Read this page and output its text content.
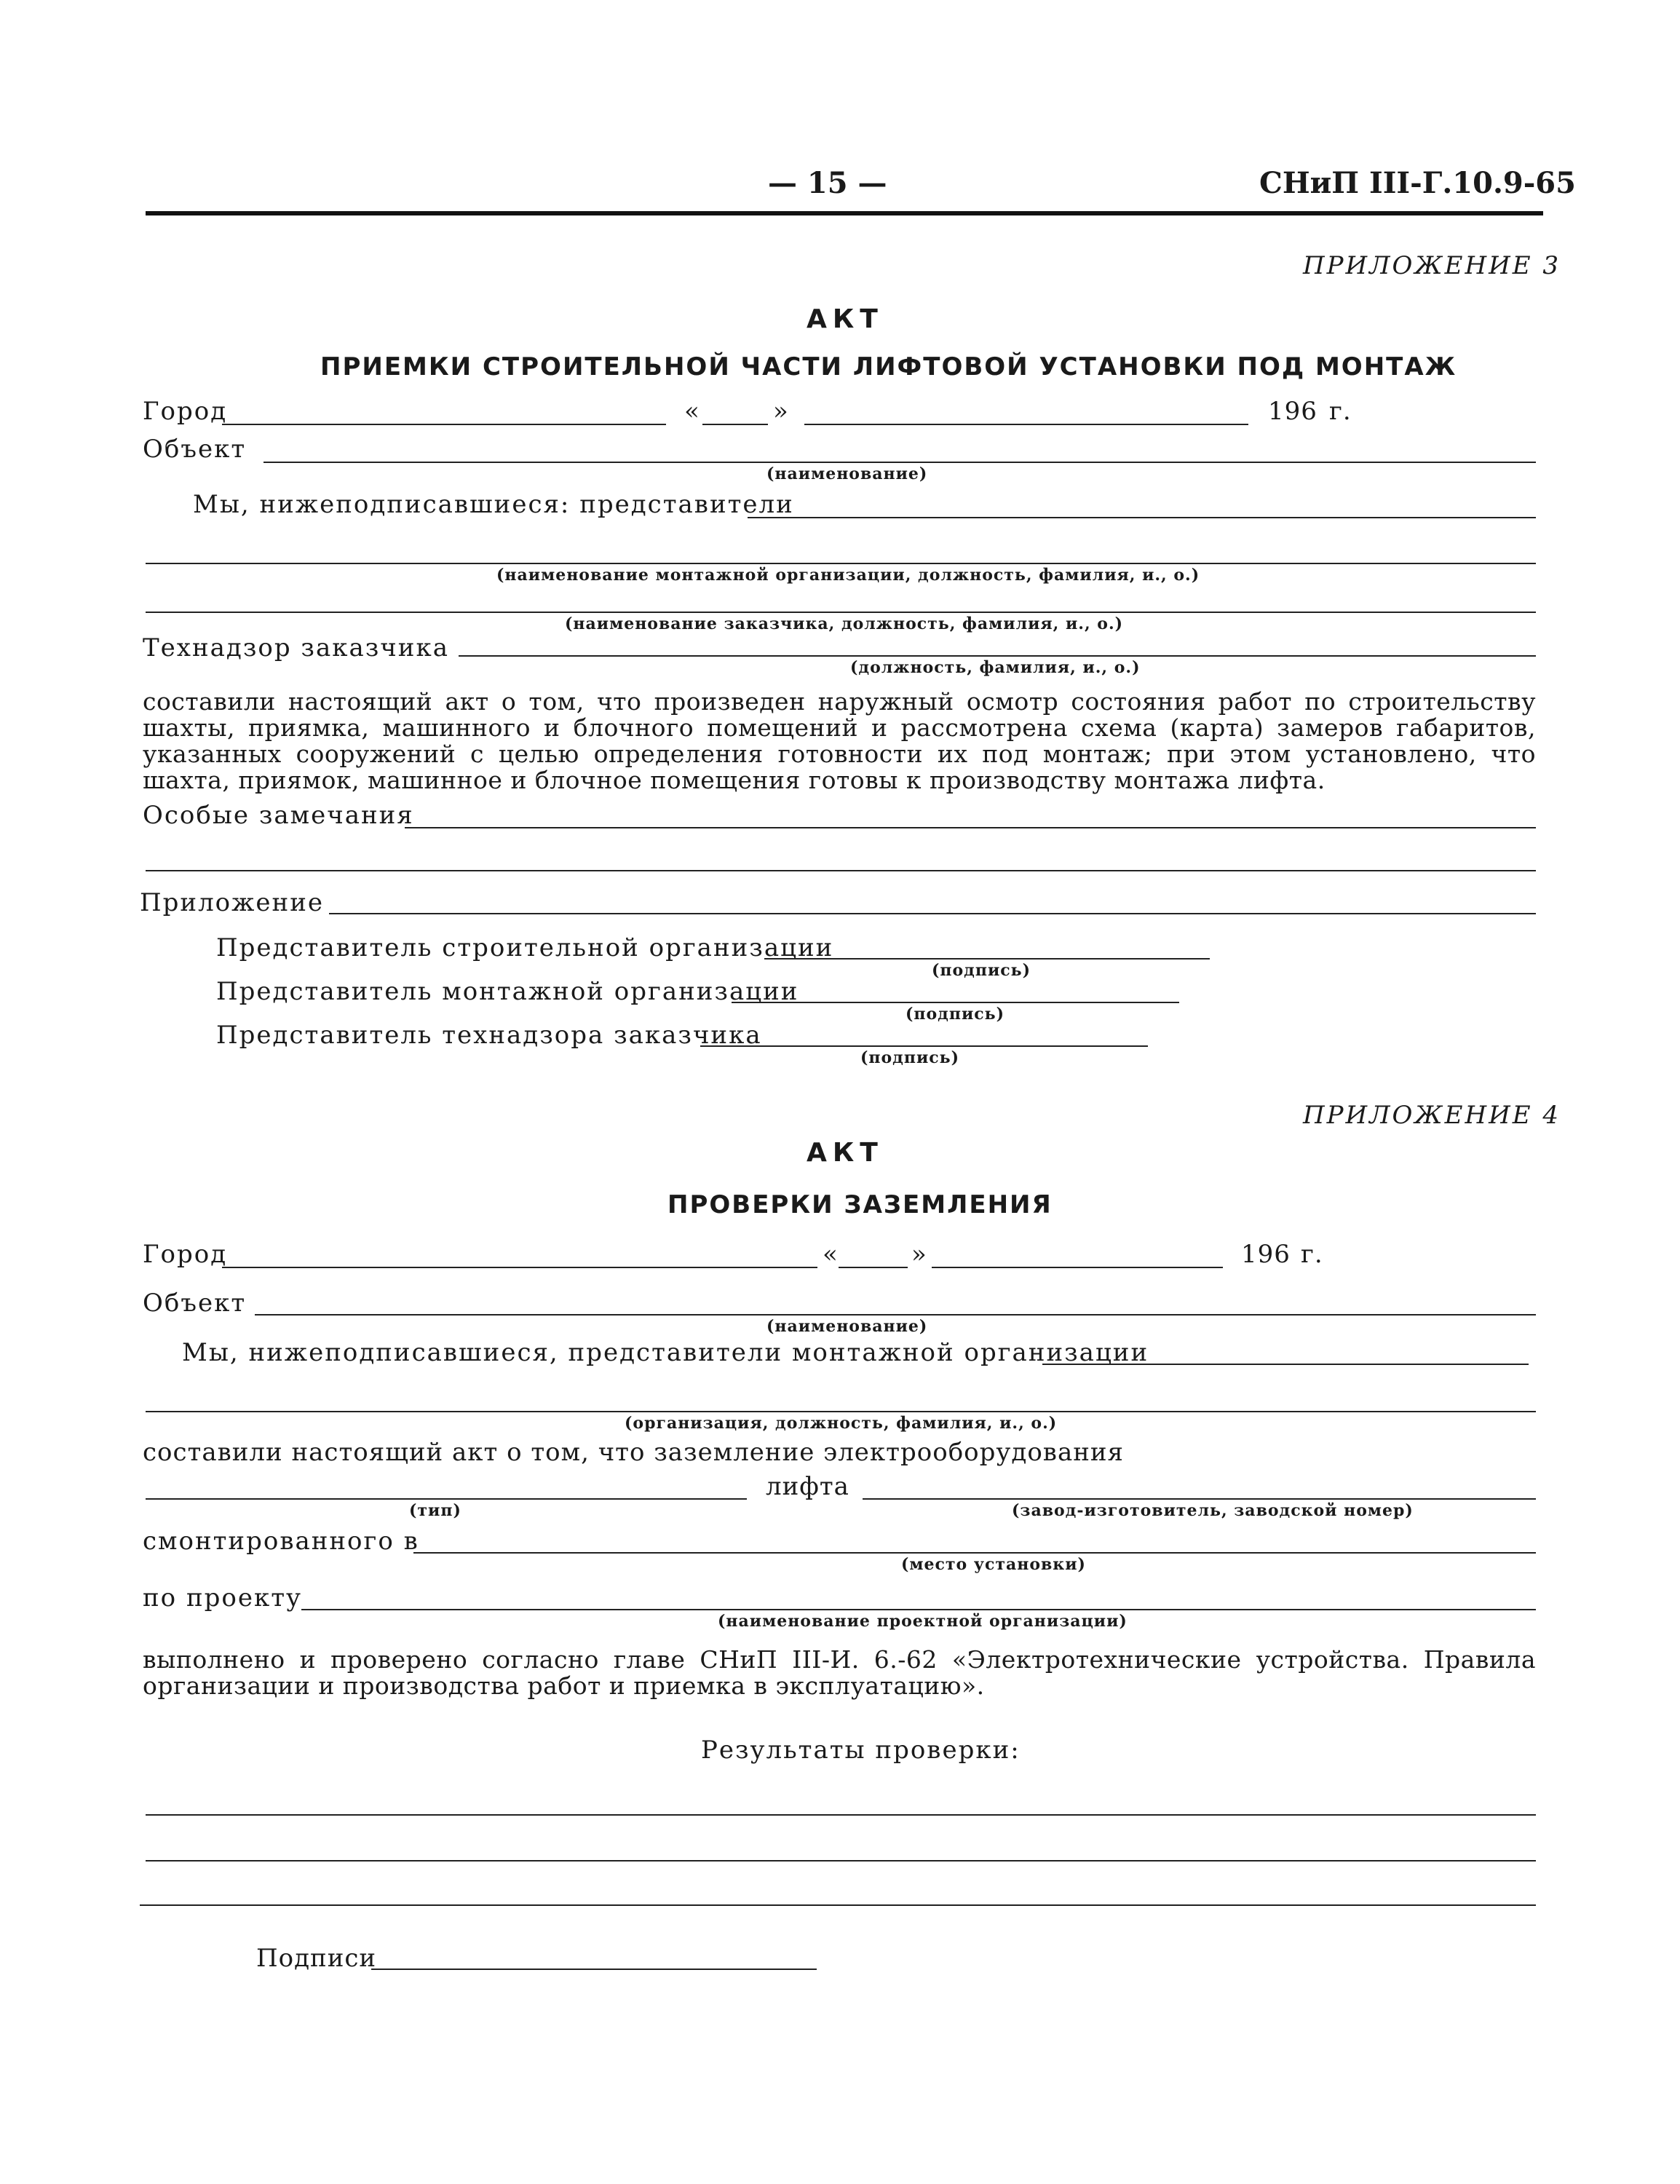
— 15 —	СНиП III-Г.10.9-65
ПРИЛОЖЕНИЕ 3
АКТ
ПРИЕМКИ СТРОИТЕЛЬНОЙ ЧАСТИ ЛИФТОВОЙ УСТАНОВКИ ПОД МОНТАЖ
Город	«	»	196 г.
Объект
(наименование)
Мы, нижеподписавшиеся: представители
(наименование монтажной организации, должность, фамилия, и., о.)
(наименование заказчика, должность, фамилия, и., о.)
Технадзор заказчика
(должность, фамилия, и., о.)
составили настоящий акт о том, что произведен наружный осмотр состояния работ по строительству шахты, приямка, машинного и блочного помещений и рассмотрена схема (карта) замеров габаритов, указанных сооружений с целью определения готовности их под монтаж; при этом установлено, что шахта, приямок, машинное и блочное помещения готовы к производству монтажа лифта.
Особые замечания
Приложение
Представитель строительной организации
(подпись)
Представитель монтажной организации
(подпись)
Представитель технадзора заказчика
(подпись)
ПРИЛОЖЕНИЕ 4
АКТ
ПРОВЕРКИ ЗАЗЕМЛЕНИЯ
Город	«	»	196 г.
Объект
(наименование)
Мы, нижеподписавшиеся, представители монтажной организации
(организация, должность, фамилия, и., о.)
составили настоящий акт о том, что заземление электрооборудования
лифта
(тип)	(завод-изготовитель, заводской номер)
смонтированного в
(место установки)
по проекту
(наименование проектной организации)
выполнено и проверено согласно главе СНиП III-И. 6.-62 «Электротехнические устройства. Правила организации и производства работ и приемка в эксплуатацию».
Результаты проверки:
Подписи
